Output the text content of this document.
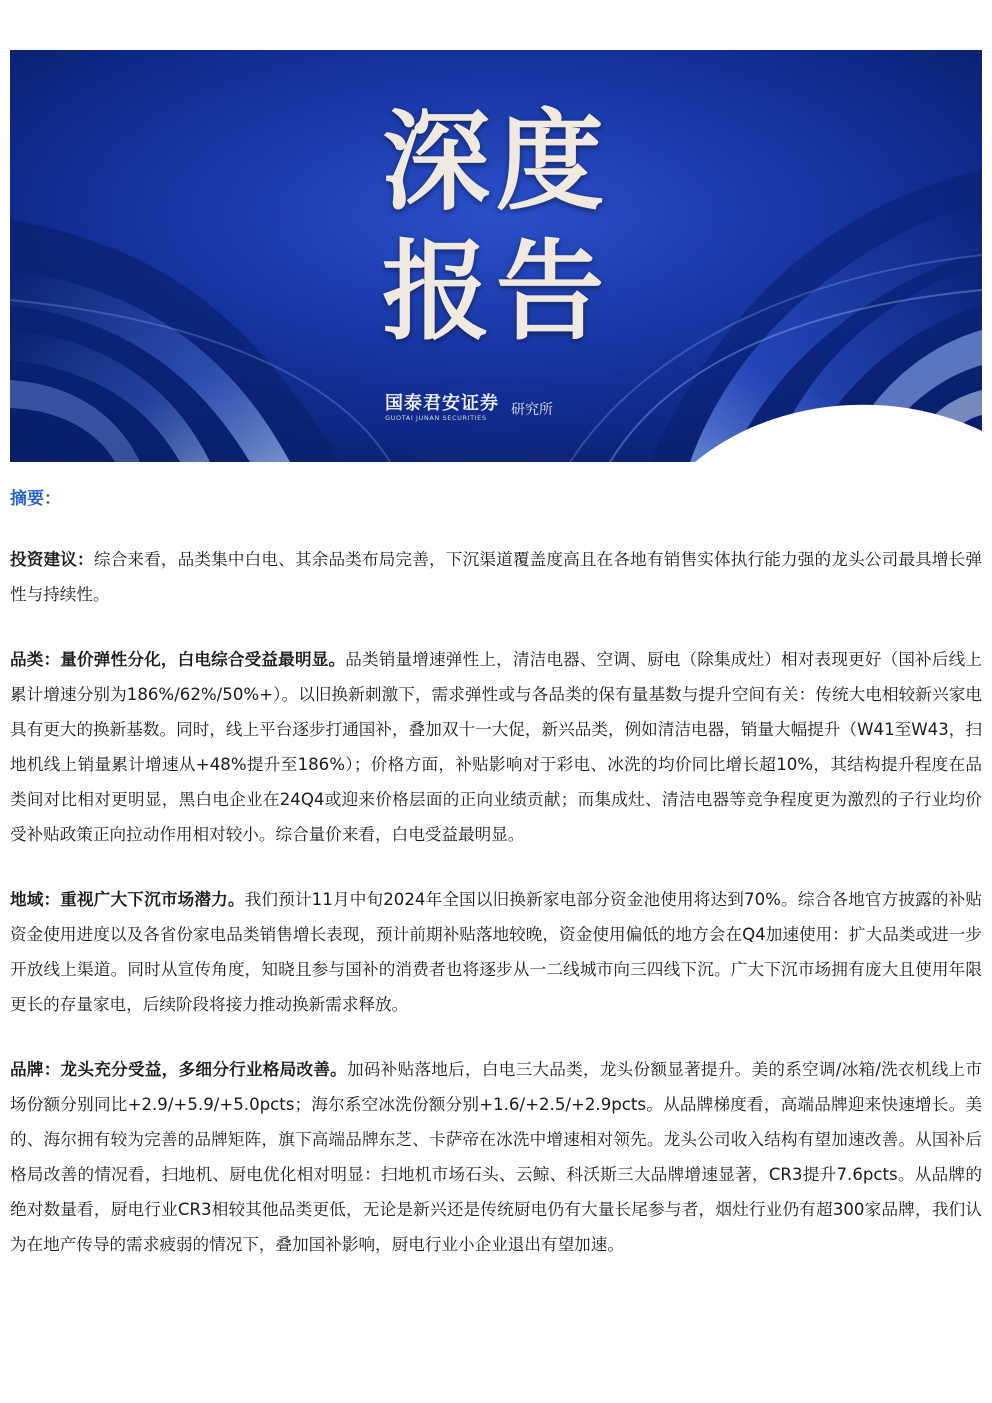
深度
报告
国泰君安证券
GUOTAI JUNAN SECURITIES	研究所
摘要：

投资建议：综合来看，品类集中白电、其余品类布局完善，下沉渠道覆盖度高且在各地有销售实体执行能力强的龙头公司最具增长弹性与持续性。

品类：量价弹性分化，白电综合受益最明显。品类销量增速弹性上，清洁电器、空调、厨电（除集成灶）相对表现更好（国补后线上累计增速分别为186%/62%/50%+）。以旧换新刺激下，需求弹性或与各品类的保有量基数与提升空间有关：传统大电相较新兴家电具有更大的换新基数。同时，线上平台逐步打通国补，叠加双十一大促，新兴品类，例如清洁电器，销量大幅提升（W41至W43，扫地机线上销量累计增速从+48%提升至186%）；价格方面，补贴影响对于彩电、冰洗的均价同比增长超10%，其结构提升程度在品类间对比相对更明显，黑白电企业在24Q4或迎来价格层面的正向业绩贡献；而集成灶、清洁电器等竞争程度更为激烈的子行业均价受补贴政策正向拉动作用相对较小。综合量价来看，白电受益最明显。

地域：重视广大下沉市场潜力。我们预计11月中旬2024年全国以旧换新家电部分资金池使用将达到70%。综合各地官方披露的补贴资金使用进度以及各省份家电品类销售增长表现，预计前期补贴落地较晚，资金使用偏低的地方会在Q4加速使用：扩大品类或进一步开放线上渠道。同时从宣传角度，知晓且参与国补的消费者也将逐步从一二线城市向三四线下沉。广大下沉市场拥有庞大且使用年限更长的存量家电，后续阶段将接力推动换新需求释放。

品牌：龙头充分受益，多细分行业格局改善。加码补贴落地后，白电三大品类，龙头份额显著提升。美的系空调/冰箱/洗衣机线上市场份额分别同比+2.9/+5.9/+5.0pcts；海尔系空冰洗份额分别+1.6/+2.5/+2.9pcts。从品牌梯度看，高端品牌迎来快速增长。美的、海尔拥有较为完善的品牌矩阵，旗下高端品牌东芝、卡萨帝在冰洗中增速相对领先。龙头公司收入结构有望加速改善。从国补后格局改善的情况看，扫地机、厨电优化相对明显：扫地机市场石头、云鲸、科沃斯三大品牌增速显著，CR3提升7.6pcts。从品牌的绝对数量看，厨电行业CR3相较其他品类更低，无论是新兴还是传统厨电仍有大量长尾参与者，烟灶行业仍有超300家品牌，我们认为在地产传导的需求疲弱的情况下，叠加国补影响，厨电行业小企业退出有望加速。
